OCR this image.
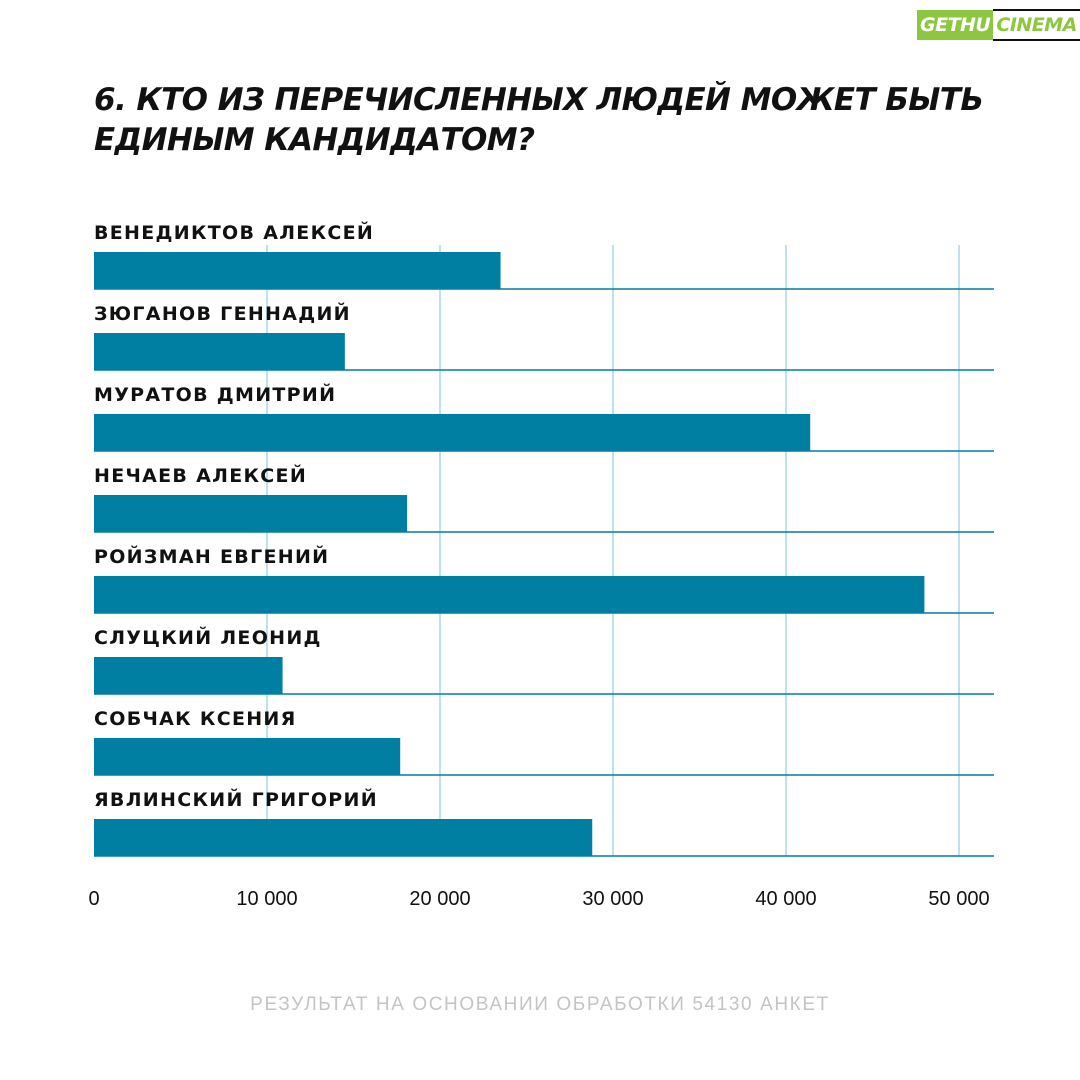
GETHU CINEMA
6. КТО ИЗ ПЕРЕЧИСЛЕННЫХ ЛЮДЕЙ МОЖЕТ БЫТЬ ЕДИНЫМ КАНДИДАТОМ?
ВЕНЕДИКТОВ АЛЕКСЕЙ
ЗЮГАНОВ ГЕННАДИЙ
МУРАТОВ ДМИТРИЙ
НЕЧАЕВ АЛЕКСЕЙ
РОЙЗМАН ЕВГЕНИЙ
СЛУЦКИЙ ЛЕОНИД
СОБЧАК КСЕНИЯ
ЯВЛИНСКИЙ ГРИГОРИЙ
0	10 000	20 000	30 000	40 000	50 000
РЕЗУЛЬТАТ НА ОСНОВАНИИ ОБРАБОТКИ 54130 АНКЕТ
